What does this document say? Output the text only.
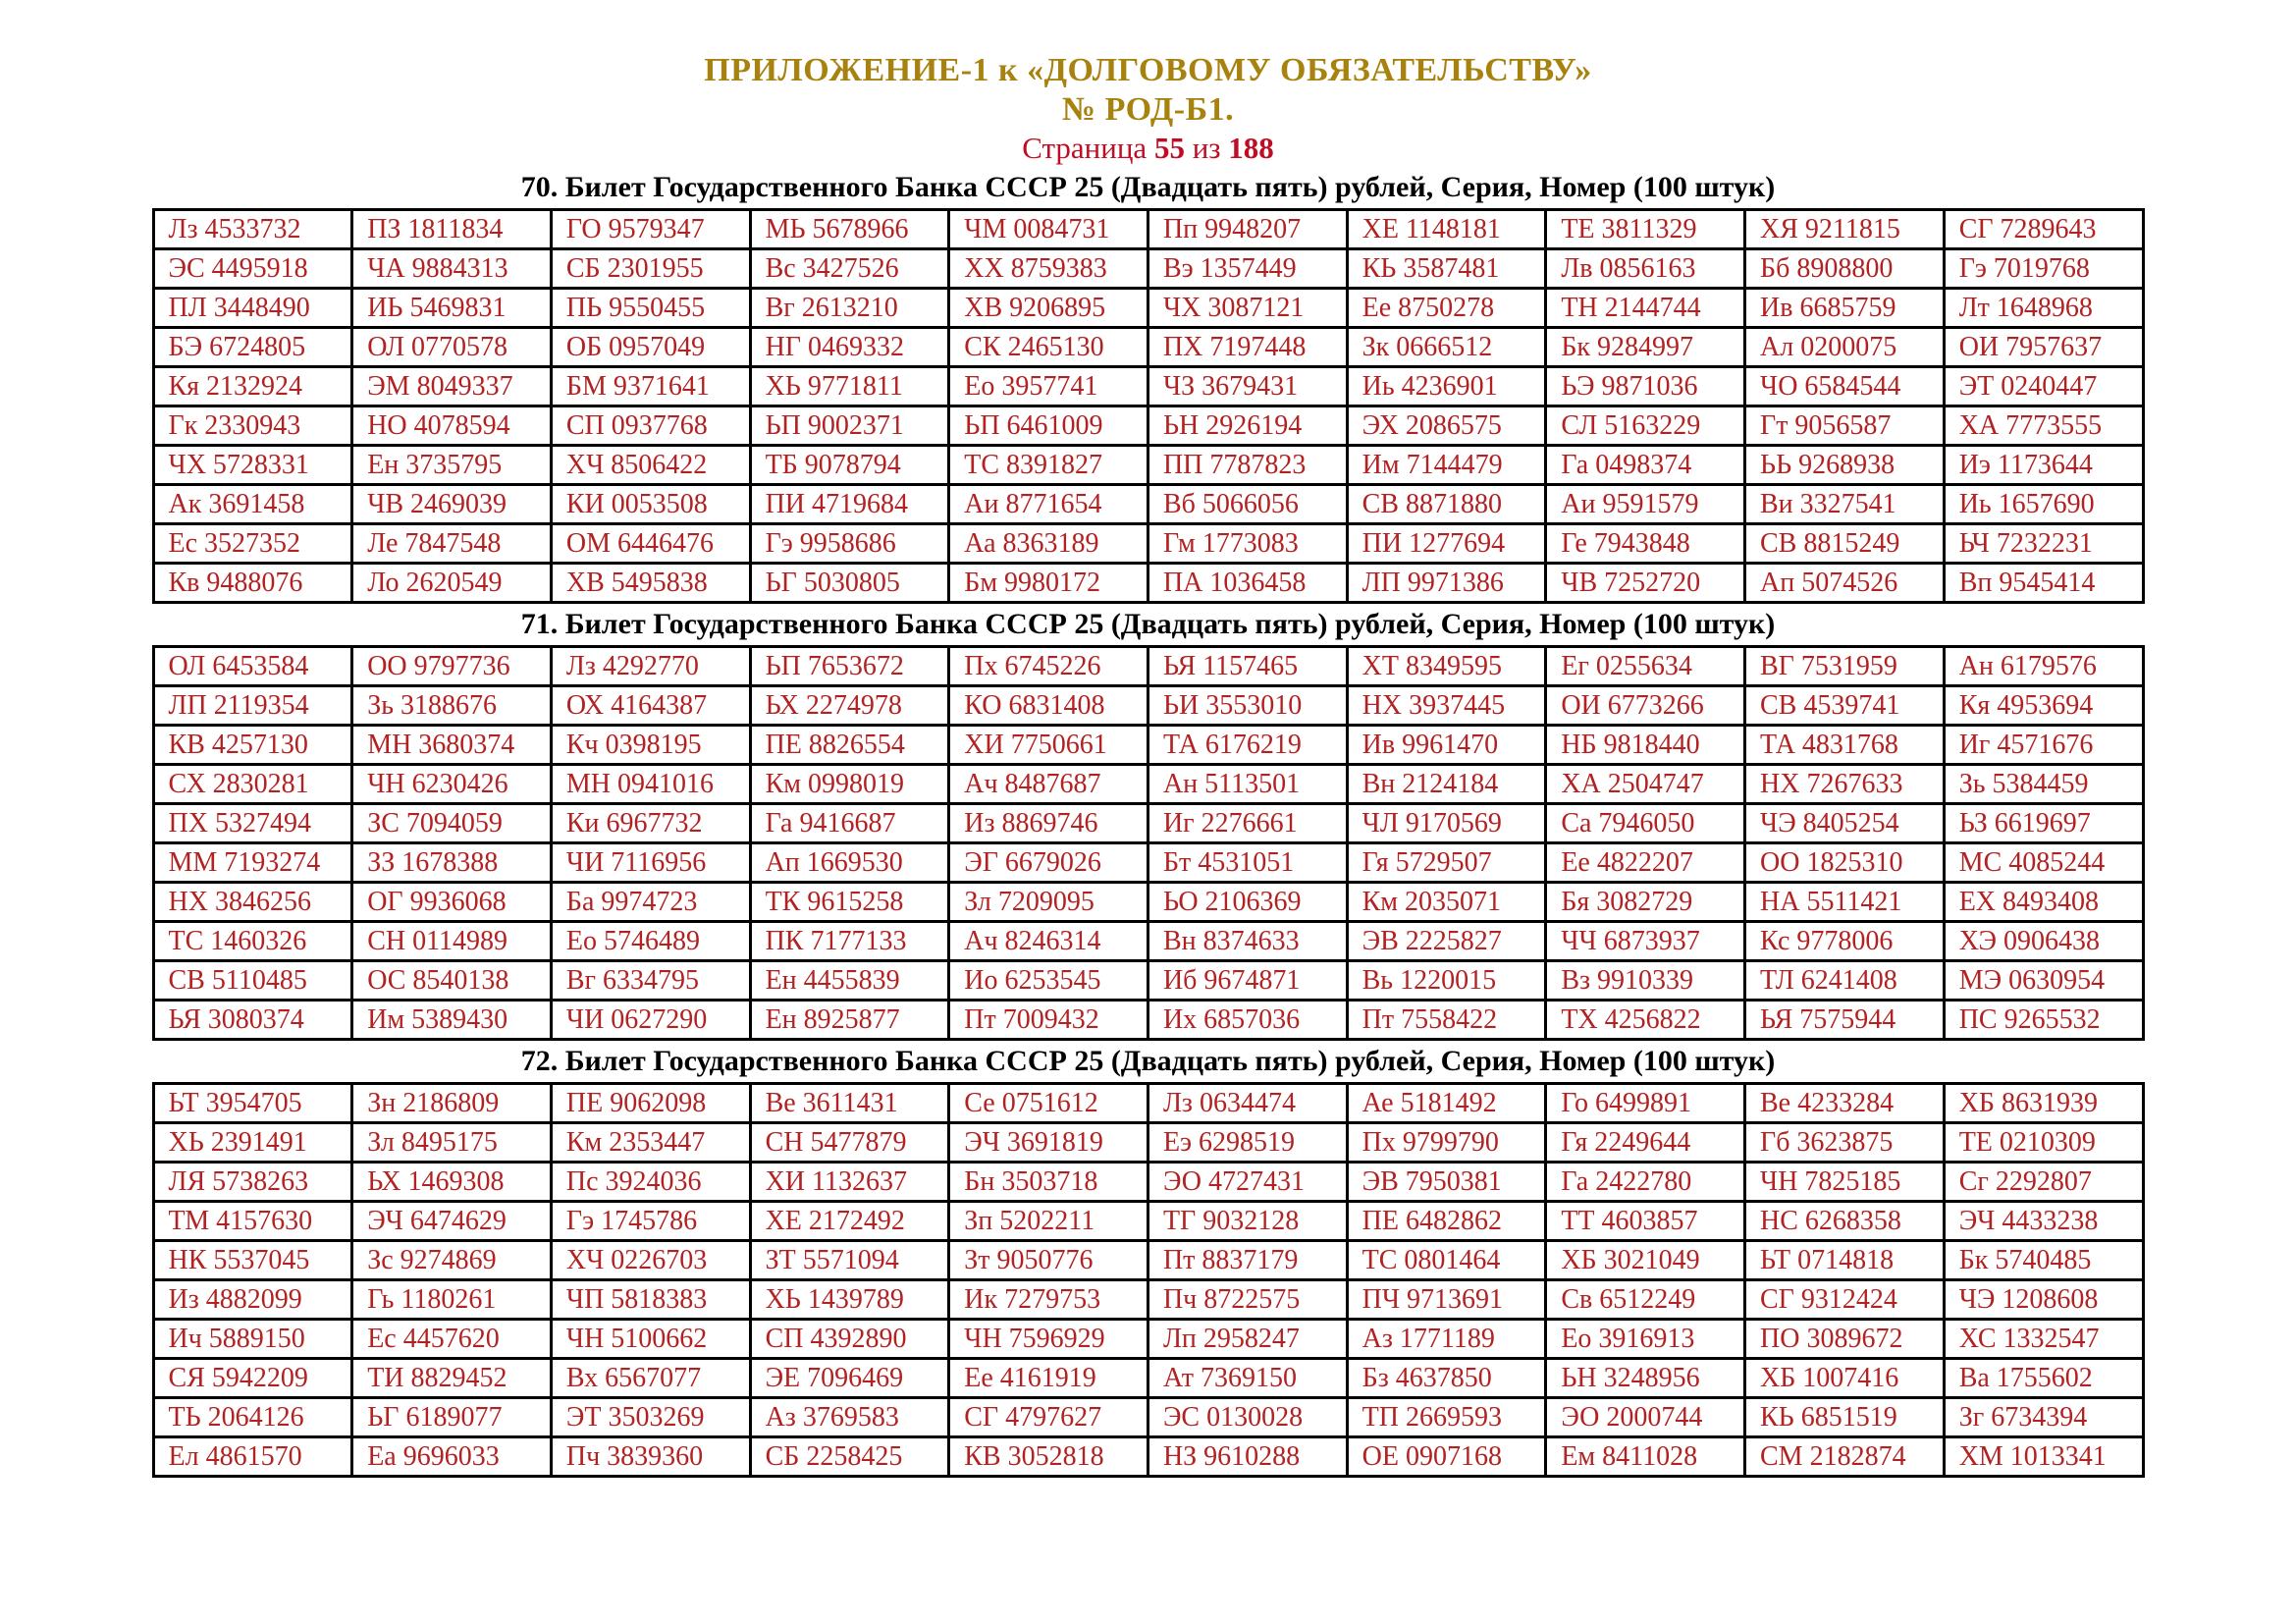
ПРИЛОЖЕНИЕ-1 к «ДОЛГОВОМУ ОБЯЗАТЕЛЬСТВУ»
№ РОД-Б1.
Страница 55 из 188
70. Билет Государственного Банка СССР 25 (Двадцать пять) рублей, Серия, Номер (100 штук)
Лз 4533732	ПЗ 1811834	ГО 9579347	МЬ 5678966	ЧМ 0084731	Пп 9948207	ХЕ 1148181	ТЕ 3811329	ХЯ 9211815	СГ 7289643
ЭС 4495918	ЧА 9884313	СБ 2301955	Вс 3427526	ХХ 8759383	Вэ 1357449	КЬ 3587481	Лв 0856163	Бб 8908800	Гэ 7019768
ПЛ 3448490	ИЬ 5469831	ПЬ 9550455	Вг 2613210	ХВ 9206895	ЧХ 3087121	Ее 8750278	ТН 2144744	Ив 6685759	Лт 1648968
БЭ 6724805	ОЛ 0770578	ОБ 0957049	НГ 0469332	СК 2465130	ПХ 7197448	Зк 0666512	Бк 9284997	Ал 0200075	ОИ 7957637
Кя 2132924	ЭМ 8049337	БМ 9371641	ХЬ 9771811	Ео 3957741	ЧЗ 3679431	Иь 4236901	ЬЭ 9871036	ЧО 6584544	ЭТ 0240447
Гк 2330943	НО 4078594	СП 0937768	ЬП 9002371	ЬП 6461009	ЬН 2926194	ЭХ 2086575	СЛ 5163229	Гт 9056587	ХА 7773555
ЧХ 5728331	Ен 3735795	ХЧ 8506422	ТБ 9078794	ТС 8391827	ПП 7787823	Им 7144479	Га 0498374	ЬЬ 9268938	Иэ 1173644
Ак 3691458	ЧВ 2469039	КИ 0053508	ПИ 4719684	Аи 8771654	Вб 5066056	СВ 8871880	Аи 9591579	Ви 3327541	Иь 1657690
Ес 3527352	Ле 7847548	ОМ 6446476	Гэ 9958686	Аа 8363189	Гм 1773083	ПИ 1277694	Ге 7943848	СВ 8815249	ЬЧ 7232231
Кв 9488076	Ло 2620549	ХВ 5495838	ЬГ 5030805	Бм 9980172	ПА 1036458	ЛП 9971386	ЧВ 7252720	Ап 5074526	Вп 9545414
71. Билет Государственного Банка СССР 25 (Двадцать пять) рублей, Серия, Номер (100 штук)
ОЛ 6453584	ОО 9797736	Лз 4292770	ЬП 7653672	Пх 6745226	ЬЯ 1157465	ХТ 8349595	Ег 0255634	ВГ 7531959	Ан 6179576
ЛП 2119354	Зь 3188676	ОХ 4164387	ЬХ 2274978	КО 6831408	ЬИ 3553010	НХ 3937445	ОИ 6773266	СВ 4539741	Кя 4953694
КВ 4257130	МН 3680374	Кч 0398195	ПЕ 8826554	ХИ 7750661	ТА 6176219	Ив 9961470	НБ 9818440	ТА 4831768	Иг 4571676
СХ 2830281	ЧН 6230426	МН 0941016	Км 0998019	Ач 8487687	Ан 5113501	Вн 2124184	ХА 2504747	НХ 7267633	Зь 5384459
ПХ 5327494	ЗС 7094059	Ки 6967732	Га 9416687	Из 8869746	Иг 2276661	ЧЛ 9170569	Са 7946050	ЧЭ 8405254	ЬЗ 6619697
ММ 7193274	ЗЗ 1678388	ЧИ 7116956	Ап 1669530	ЭГ 6679026	Бт 4531051	Гя 5729507	Ее 4822207	ОО 1825310	МС 4085244
НХ 3846256	ОГ 9936068	Ба 9974723	ТК 9615258	Зл 7209095	ЬО 2106369	Км 2035071	Бя 3082729	НА 5511421	ЕХ 8493408
ТС 1460326	СН 0114989	Ео 5746489	ПК 7177133	Ач 8246314	Вн 8374633	ЭВ 2225827	ЧЧ 6873937	Кс 9778006	ХЭ 0906438
СВ 5110485	ОС 8540138	Вг 6334795	Ен 4455839	Ио 6253545	Иб 9674871	Вь 1220015	Вз 9910339	ТЛ 6241408	МЭ 0630954
ЬЯ 3080374	Им 5389430	ЧИ 0627290	Ен 8925877	Пт 7009432	Их 6857036	Пт 7558422	ТХ 4256822	ЬЯ 7575944	ПС 9265532
72. Билет Государственного Банка СССР 25 (Двадцать пять) рублей, Серия, Номер (100 штук)
ЬТ 3954705	Зн 2186809	ПЕ 9062098	Ве 3611431	Се 0751612	Лз 0634474	Ае 5181492	Го 6499891	Ве 4233284	ХБ 8631939
ХЬ 2391491	Зл 8495175	Км 2353447	СН 5477879	ЭЧ 3691819	Еэ 6298519	Пх 9799790	Гя 2249644	Гб 3623875	ТЕ 0210309
ЛЯ 5738263	ЬХ 1469308	Пс 3924036	ХИ 1132637	Бн 3503718	ЭО 4727431	ЭВ 7950381	Га 2422780	ЧН 7825185	Сг 2292807
ТМ 4157630	ЭЧ 6474629	Гэ 1745786	ХЕ 2172492	Зп 5202211	ТГ 9032128	ПЕ 6482862	ТТ 4603857	НС 6268358	ЭЧ 4433238
НК 5537045	Зс 9274869	ХЧ 0226703	ЗТ 5571094	Зт 9050776	Пт 8837179	ТС 0801464	ХБ 3021049	ЬТ 0714818	Бк 5740485
Из 4882099	Гь 1180261	ЧП 5818383	ХЬ 1439789	Ик 7279753	Пч 8722575	ПЧ 9713691	Св 6512249	СГ 9312424	ЧЭ 1208608
Ич 5889150	Ес 4457620	ЧН 5100662	СП 4392890	ЧН 7596929	Лп 2958247	Аз 1771189	Ео 3916913	ПО 3089672	ХС 1332547
СЯ 5942209	ТИ 8829452	Вх 6567077	ЭЕ 7096469	Ее 4161919	Ат 7369150	Бз 4637850	ЬН 3248956	ХБ 1007416	Ва 1755602
ТЬ 2064126	ЬГ 6189077	ЭТ 3503269	Аз 3769583	СГ 4797627	ЭС 0130028	ТП 2669593	ЭО 2000744	КЬ 6851519	Зг 6734394
Ел 4861570	Еа 9696033	Пч 3839360	СБ 2258425	КВ 3052818	НЗ 9610288	ОЕ 0907168	Ем 8411028	СМ 2182874	ХМ 1013341
